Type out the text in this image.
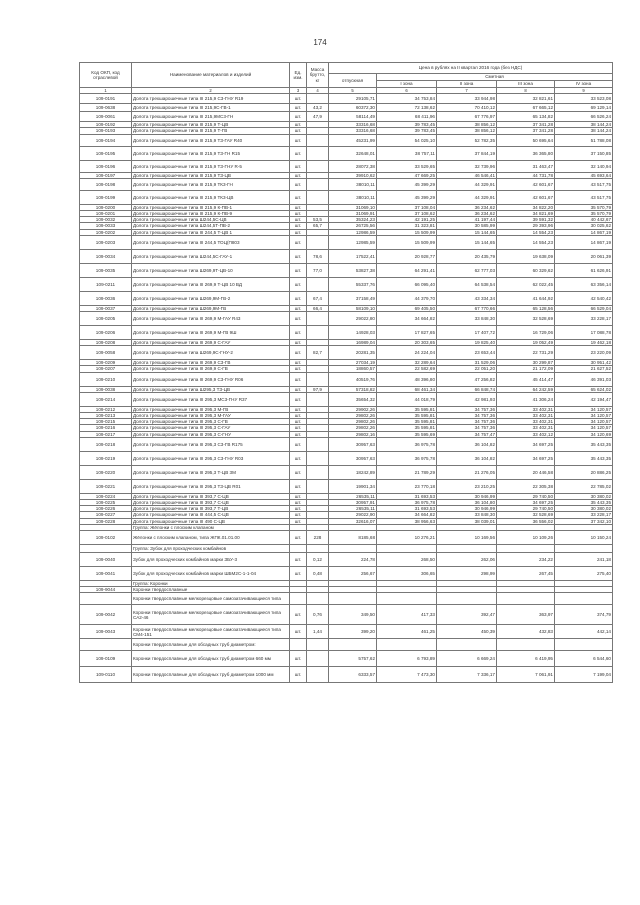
174
Код ОКП, код отраслевой	Наименование материалов и изделий	Ед. изм.	Масса брутто, кг	Цена в рублях на II квартал 2016 года (без НДС)				
				отпускная	Сметная			
					I зона	II зона	III зона	IV зона
1	2	3	4	5	6	7	8	9
109-0191	Долота трехшарошечные типа III 215,9 С3-ГНУ R19	шт.		29105,71	34 753,84	33 944,98	32 821,61	33 523,08
109-0638	Долота трехшарошечные типа III 215,9С-ГВ-1	шт.	43,2	60372,30	72 138,62	70 410,12	67 665,12	69 129,14
109-0061	Долота трехшарошечные типа III 215,9МС3-ГН	шт.	47,9	58114,49	68 411,96	67 776,97	65 134,82	66 526,24
109-0192	Долота трехшарошечные типа III 215,9 Т-ЦВ	шт.		33316,68	39 783,45	38 856,12	37 341,28	38 144,24
109-0193	Долота трехшарошечные типа III 215,9 Т-ГВ	шт.		33316,68	39 783,45	38 856,12	37 341,28	38 144,24
109-0194	Долота трехшарошечные типа III 215,9 ТЗ-ГАУ R40	шт.		45231,99	54 025,10	52 782,35	50 695,64	51 788,08
109-0195	Долота трехшарошечные типа III 215,9 ТЗ-ГН R15	шт.		32648,01	38 757,11	37 844,19	36 365,80	37 150,85
109-0196	Долота трехшарошечные типа III 215,9 ТЗ-ГНУ R-5	шт.		28072,38	33 529,65	32 739,96	31 463,47	32 140,94
109-0197	Долота трехшарошечные типа III 215,9 ТЗ-ЦВ	шт.		39910,62	47 669,25	46 546,41	44 731,78	45 693,64
109-0198	Долота трехшарошечные типа III 215,9 ТК3-ГН	шт.		38010,11	45 399,29	44 329,91	42 601,67	43 517,75
109-0199	Долота трехшарошечные типа III 215,9 ТК3-ЦВ	шт.		38010,11	45 399,29	44 329,91	42 601,67	43 517,75
109-0200	Долота трехшарошечные типа III 215,9 К-ПВ-1	шт.		31069,10	37 108,04	36 234,62	34 822,20	35 570,79
109-0201	Долота трехшарошечные типа III 215,9 К-ПВ-9	шт.		31069,91	37 108,62	36 234,62	34 821,69	35 570,79
109-0032	Долота трехшарошечные типа Ш244,5С-ЦВ	шт.	53,5	35324,23	42 191,25	41 197,44	39 591,32	40 442,67
109-0033	Долота трехшарошечные типа Ш244,5Т-ПВ-2	шт.	65,7	26725,56	31 323,81	30 585,99	29 393,96	30 025,62
109-0202	Долота трехшарошечные типа III 244,5 Т-ЦВ 1	шт.		12986,59	15 509,99	15 144,65	14 554,23	14 867,19
109-0203	Долота трехшарошечные типа III 244,5 ТОЦ(П803	шт.		12985,59	15 509,99	15 144,65	14 554,23	14 867,19
109-0034	Долота трехшарошечные типа Ш244,5С-ГАУ-1	шт.	78,6	17522,41	20 928,77	20 435,79	19 638,09	20 061,39
109-0035	Долота трехшарошечные типа Ш269,9Т-ЦВ-10	шт.	77,0	53827,38	64 291,41	62 777,03	60 329,62	61 626,91
109-0211	Долота трехшарошечные типа III 269,9 Т-ЦВ 10 ВД	шт.		55337,76	66 095,40	64 538,54	62 022,45	63 356,14
109-0036	Долота трехшарошечные типа Ш269,9М-ГВ-2	шт.	67,4	37158,49	44 379,70	43 334,34	41 644,92	42 540,42
109-0037	Долота трехшарошечные типа Ш269,9М-ГВ	шт.	66,4	58109,10	69 405,50	67 770,66	65 128,56	66 529,04
109-0205	Долота трехшарошечные типа III 269,9 М-ГАУ R43	шт.		29022,80	34 664,82	33 848,30	32 528,69	33 228,17
109-0206	Долота трехшарошечные типа III 269,9 М-ГВ 9Ш	шт.		14928,03	17 827,65	17 407,72	16 729,06	17 088,78
109-0208	Долота трехшарошечные типа III 269,9 С-ГАУ	шт.		16989,04	20 303,65	19 825,40	19 052,49	19 462,18
109-0058	Долота трехшарошечные типа Ш269,9С-ГНУ-2	шт.	82,7	20281,35	24 224,04	23 653,44	22 731,29	23 220,09
109-0209	Долота трехшарошечные типа III 269,9 С3-ГВ	шт.		27034,19	32 289,64	31 529,06	30 299,87	30 951,42
109-0207	Долота трехшарошечные типа III 269,9 С-ГВ	шт.		18860,57	22 582,69	22 051,20	21 172,09	21 627,52
109-0210	Долота трехшарошечные типа III 269,9 С3-ГНУ R06	шт.		40519,76	48 396,80	47 256,82	45 414,47	46 391,03
109-0038	Долота трехшарошечные типа Ш295,3 ТЗ-ЦВ	шт.	97,9	57318,82	68 461,34	66 848,74	64 242,59	65 624,02
109-0214	Долота трехшарошечные типа III 295,3 МС3-ГНУ R37	шт.		35654,32	44 018,79	42 981,93	41 306,24	42 194,47
109-0212	Долота трехшарошечные типа III 295,3 М-ГВ	шт.		29902,26	35 595,81	34 757,36	33 402,31	34 120,57
109-0213	Долота трехшарошечные типа III 295,3 М-ГАУ	шт.		29802,26	35 595,81	34 757,36	33 402,31	34 120,57
109-0215	Долота трехшарошечные типа III 295,3 С-ГВ	шт.		29802,26	35 595,81	34 757,36	33 402,31	34 120,57
109-0216	Долота трехшарошечные типа III 295,3 С-ГАУ	шт.		29802,26	35 595,81	34 757,36	33 402,31	34 120,57
109-0217	Долота трехшарошечные типа III 295,3 С-ГНУ	шт.		29802,16	35 595,69	34 757,47	33 402,12	34 120,69
109-0218	Долота трехшарошечные типа III 295,3 С3-ГВ R175	шт.		30957,63	36 975,78	36 104,82	34 697,25	35 443,35
109-0219	Долота трехшарошечные типа III 295,3 С3-ГНУ R03	шт.		30957,63	36 975,78	36 104,82	34 697,25	35 443,35
109-0220	Долота трехшарошечные типа III 295,3 Т-ЦВ 3М	шт.		18242,89	21 789,29	21 276,05	20 446,58	20 886,25
109-0221	Долота трехшарошечные типа III 295,3 ТЗ-ЦВ R01	шт.		19901,34	23 770,18	23 210,25	22 305,38	22 785,02
109-0224	Долота трехшарошечные типа III 393,7 С-ЦВ	шт.		26535,11	31 693,53	30 946,99	29 740,50	30 380,02
109-0225	Долота трехшарошечные типа III 393,7 С-ЦВ	шт.		30957,91	36 975,78	36 104,80	34 697,25	35 443,35
109-0226	Долота трехшарошечные типа III 393,7 Т-ЦВ	шт.		26535,11	31 693,53	30 946,99	29 740,50	30 380,02
109-0227	Долота трехшарошечные типа III 444,5 С-ЦВ	шт.		29022,90	34 664,82	33 848,30	32 528,69	33 228,17
109-0228	Долота трехшарошечные типа III 490 С-ЦВ	шт.		32616,07	38 956,63	38 039,01	36 556,02	37 342,10
	Группа: Жёлонки с плоским клапаном							
109-0102	Жёлонки с плоским клапаном, типа ЖПК.01.01.00	шт.	228	8185,68	10 276,21	10 169,56	10 109,26	10 150,24
	Группа: Зубок для проходческих комбайнов							
109-0040	Зубок для проходческих комбайнов марки ЗБУ-3	шт.	0,12	224,78	268,50	262,06	234,22	241,18
109-0041	Зубок для проходческих комбайнов марки ШБМ2С-1-1-04	шт.	0,48	256,67	306,65	298,99	267,45	275,40
	Группа: Коронки							
109-9044	Коронки твердосплавные							
	Коронки твердосплавные мелкорезцовые самозатачивающиеся типа							
109-0042	Коронки твердосплавные мелкорезцовые самозатачивающиеся типа СА2-46	шт.	0,76	349,50	417,33	392,47	363,97	374,79
109-0043	Коронки твердосплавные мелкорезцовые самозатачивающиеся типа СМ4-151	шт.	1,44	399,20	461,25	450,39	432,83	442,14
	Коронки твердосплавные для обсадных труб диаметром:							
109-0109	Коронки твердосплавные для обсадных труб диаметром 660 мм	шт.		5757,62	6 793,89	6 669,24	6 419,95	6 544,60
109-0110	Коронки твердосплавные для обсадных труб диаметром 1000 мм	шт.		6333,57	7 473,30	7 336,17	7 061,91	7 199,04
